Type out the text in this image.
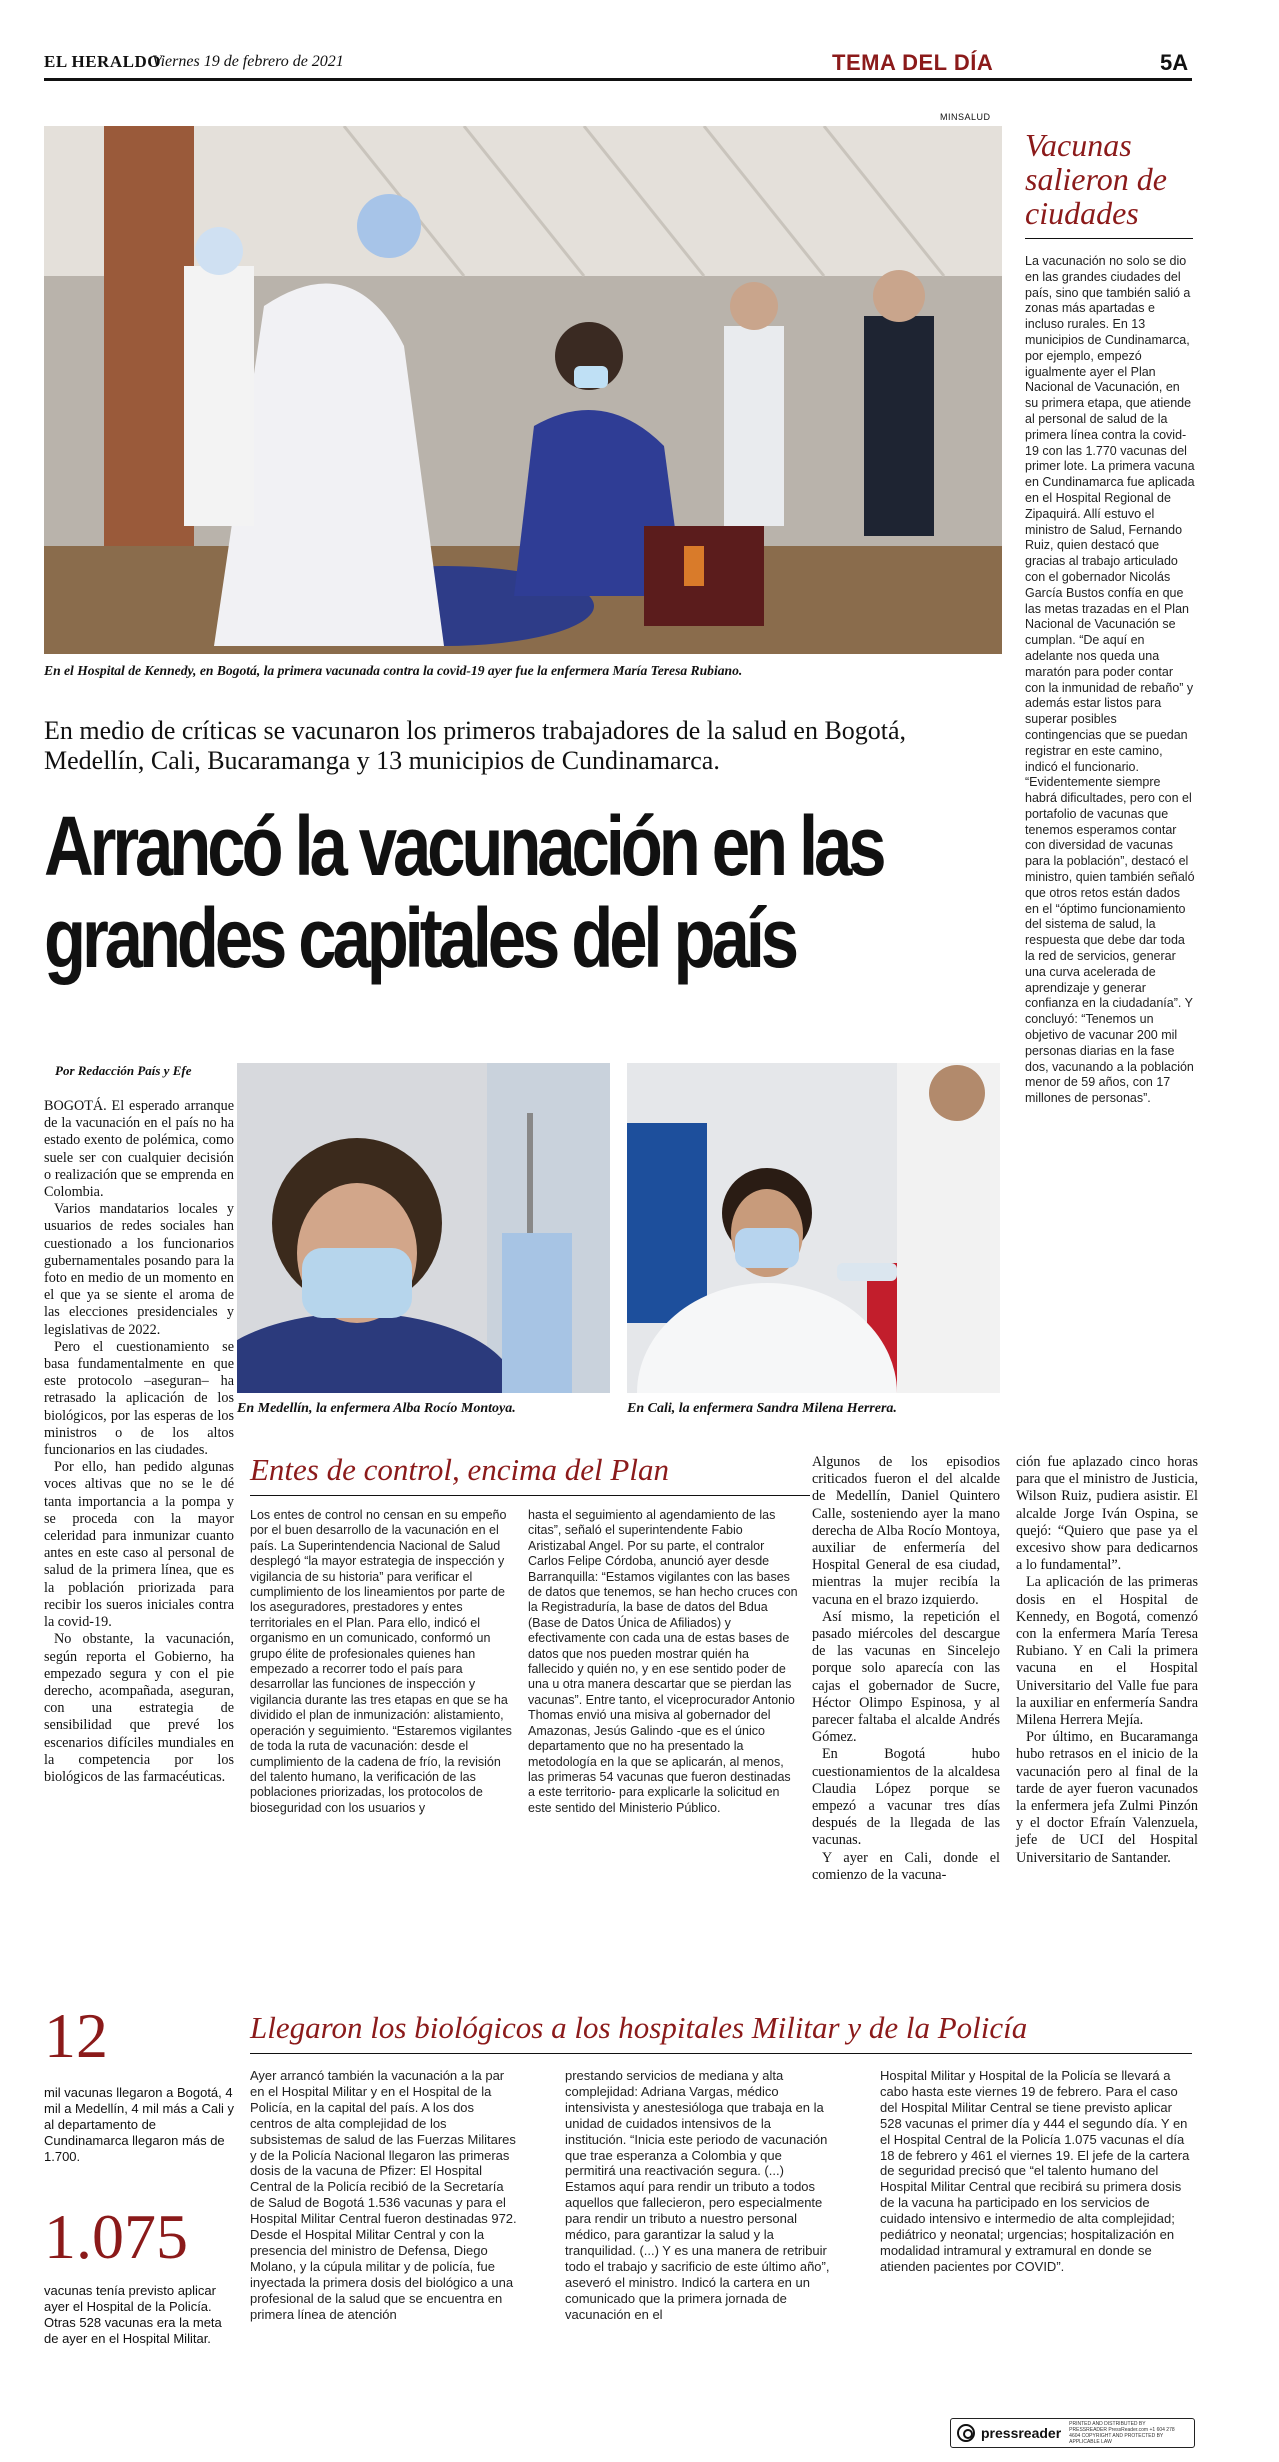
EL HERALDO
Viernes 19 de febrero de 2021	TEMA DEL DÍA	5A
MINSALUD
En el Hospital de Kennedy, en Bogotá, la primera vacunada contra la covid-19 ayer fue la enfermera María Teresa Rubiano.
Vacunas salieron de ciudades
La vacunación no solo se dio en las grandes ciudades del país, sino que también salió a zonas más apartadas e incluso rurales. En 13 municipios de Cundinamarca, por ejemplo, empezó igualmente ayer el Plan Nacional de Vacunación, en su primera etapa, que atiende al personal de salud de la primera línea contra la covid-19 con las 1.770 vacunas del primer lote. La primera vacuna en Cundinamarca fue aplicada en el Hospital Regional de Zipaquirá. Allí estuvo el ministro de Salud, Fernando Ruiz, quien destacó que gracias al trabajo articulado con el gobernador Nicolás García Bustos confía en que las metas trazadas en el Plan Nacional de Vacunación se cumplan. “De aquí en adelante nos queda una maratón para poder contar con la inmunidad de rebaño” y además estar listos para superar posibles contingencias que se puedan registrar en este camino, indicó el funcionario. “Evidentemente siempre habrá dificultades, pero con el portafolio de vacunas que tenemos esperamos contar con diversidad de vacunas para la población”, destacó el ministro, quien también señaló que otros retos están dados en el “óptimo funcionamiento del sistema de salud, la respuesta que debe dar toda la red de servicios, generar una curva acelerada de aprendizaje y generar confianza en la ciudadanía”. Y concluyó: “Tenemos un objetivo de vacunar 200 mil personas diarias en la fase dos, vacunando a la población menor de 59 años, con 17 millones de personas”.
En medio de críticas se vacunaron los primeros trabajadores de la salud en Bogotá, Medellín, Cali, Bucaramanga y 13 municipios de Cundinamarca.
Arrancó la vacunación en las
grandes capitales del país
Por Redacción País y Efe

BOGOTÁ. El esperado arranque de la vacunación en el país no ha estado exento de polémica, como suele ser con cualquier decisión o realización que se emprenda en Colombia.

Varios mandatarios locales y usuarios de redes sociales han cuestionado a los funcionarios gubernamentales posando para la foto en medio de un momento en el que ya se siente el aroma de las elecciones presidenciales y legislativas de 2022.

Pero el cuestionamiento se basa fundamentalmente en que este protocolo –aseguran– ha retrasado la aplicación de los biológicos, por las esperas de los ministros o de los altos funcionarios en las ciudades.

Por ello, han pedido algunas voces altivas que no se le dé tanta importancia a la pompa y se proceda con la mayor celeridad para inmunizar cuanto antes en este caso al personal de salud de la primera línea, que es la población priorizada para recibir los sueros iniciales contra la covid-19.

No obstante, la vacunación, según reporta el Gobierno, ha empezado segura y con el pie derecho, acompañada, aseguran, con una estrategia de sensibilidad que prevé los escenarios difíciles mundiales en la competencia por los biológicos de las farmacéuticas.

En Medellín, la enfermera Alba Rocío Montoya.	En Cali, la enfermera Sandra Milena Herrera.
Entes de control, encima del Plan
Los entes de control no censan en su empeño por el buen desarrollo de la vacunación en el país. La Superintendencia Nacional de Salud desplegó “la mayor estrategia de inspección y vigilancia de su historia” para verificar el cumplimiento de los lineamientos por parte de los aseguradores, prestadores y entes territoriales en el Plan. Para ello, indicó el organismo en un comunicado, conformó un grupo élite de profesionales quienes han empezado a recorrer todo el país para desarrollar las funciones de inspección y vigilancia durante las tres etapas en que se ha dividido el plan de inmunización: alistamiento, operación y seguimiento. “Estaremos vigilantes de toda la ruta de vacunación: desde el cumplimiento de la cadena de frío, la revisión del talento humano, la verificación de las poblaciones priorizadas, los protocolos de bioseguridad con los usuarios y
hasta el seguimiento al agendamiento de las citas”, señaló el superintendente Fabio Aristizabal Angel. Por su parte, el contralor Carlos Felipe Córdoba, anunció ayer desde Barranquilla: “Estamos vigilantes con las bases de datos que tenemos, se han hecho cruces con la Registraduría, la base de datos del Bdua (Base de Datos Única de Afiliados) y efectivamente con cada una de estas bases de datos que nos pueden mostrar quién ha fallecido y quién no, y en ese sentido poder de una u otra manera descartar que se pierdan las vacunas”. Entre tanto, el viceprocurador Antonio Thomas envió una misiva al gobernador del Amazonas, Jesús Galindo -que es el único departamento que no ha presentado la metodología en la que se aplicarán, al menos, las primeras 54 vacunas que fueron destinadas a este territorio- para explicarle la solicitud en este sentido del Ministerio Público.

Algunos de los episodios criticados fueron el del alcalde de Medellín, Daniel Quintero Calle, sosteniendo ayer la mano derecha de Alba Rocío Montoya, auxiliar de enfermería del Hospital General de esa ciudad, mientras la mujer recibía la vacuna en el brazo izquierdo.

Así mismo, la repetición el pasado miércoles del descargue de las vacunas en Sincelejo porque solo aparecía con las cajas el gobernador de Sucre, Héctor Olimpo Espinosa, y al parecer faltaba el alcalde Andrés Gómez.

En Bogotá hubo cuestionamientos de la alcaldesa Claudia López porque se empezó a vacunar tres días después de la llegada de las vacunas.

Y ayer en Cali, donde el comienzo de la vacuna-

ción fue aplazado cinco horas para que el ministro de Justicia, Wilson Ruiz, pudiera asistir. El alcalde Jorge Iván Ospina, se quejó: “Quiero que pase ya el excesivo show para dedicarnos a lo fundamental”.

La aplicación de las primeras dosis en el Hospital de Kennedy, en Bogotá, comenzó con la enfermera María Teresa Rubiano. Y en Cali la primera vacuna en el Hospital Universitario del Valle fue para la auxiliar en enfermería Sandra Milena Herrera Mejía.

Por último, en Bucaramanga hubo retrasos en el inicio de la vacunación pero al final de la tarde de ayer fueron vacunados la enfermera jefa Zulmi Pinzón y el doctor Efraín Valenzuela, jefe de UCI del Hospital Universitario de Santander.

12
mil vacunas llegaron a Bogotá, 4 mil a Medellín, 4 mil más a Cali y al departamento de Cundinamarca llegaron más de 1.700.
1.075
vacunas tenía previsto aplicar ayer el Hospital de la Policía. Otras 528 vacunas era la meta de ayer en el Hospital Militar.
Llegaron los biológicos a los hospitales Militar y de la Policía
Ayer arrancó también la vacunación a la par en el Hospital Militar y en el Hospital de la Policía, en la capital del país. A los dos centros de alta complejidad de los subsistemas de salud de las Fuerzas Militares y de la Policía Nacional llegaron las primeras dosis de la vacuna de Pfizer: El Hospital Central de la Policía recibió de la Secretaría de Salud de Bogotá 1.536 vacunas y para el Hospital Militar Central fueron destinadas 972. Desde el Hospital Militar Central y con la presencia del ministro de Defensa, Diego Molano, y la cúpula militar y de policía, fue inyectada la primera dosis del biológico a una profesional de la salud que se encuentra en primera línea de atención
prestando servicios de mediana y alta complejidad: Adriana Vargas, médico intensivista y anestesióloga que trabaja en la unidad de cuidados intensivos de la institución. “Inicia este periodo de vacunación que trae esperanza a Colombia y que permitirá una reactivación segura. (...) Estamos aquí para rendir un tributo a todos aquellos que fallecieron, pero especialmente para rendir un tributo a nuestro personal médico, para garantizar la salud y la tranquilidad. (...) Y es una manera de retribuir todo el trabajo y sacrificio de este último año”, aseveró el ministro. Indicó la cartera en un comunicado que la primera jornada de vacunación en el
Hospital Militar y Hospital de la Policía se llevará a cabo hasta este viernes 19 de febrero. Para el caso del Hospital Militar Central se tiene previsto aplicar 528 vacunas el primer día y 444 el segundo día. Y en el Hospital Central de la Policía 1.075 vacunas el día 18 de febrero y 461 el viernes 19. El jefe de la cartera de seguridad precisó que “el talento humano del Hospital Militar Central que recibirá su primera dosis de la vacuna ha participado en los servicios de cuidado intensivo e intermedio de alta complejidad; pediátrico y neonatal; urgencias; hospitalización en modalidad intramural y extramural en donde se atienden pacientes por COVID”.
pressreader
PRINTED AND DISTRIBUTED BY PRESSREADER PressReader.com +1 604 278 4604 COPYRIGHT AND PROTECTED BY APPLICABLE LAW
